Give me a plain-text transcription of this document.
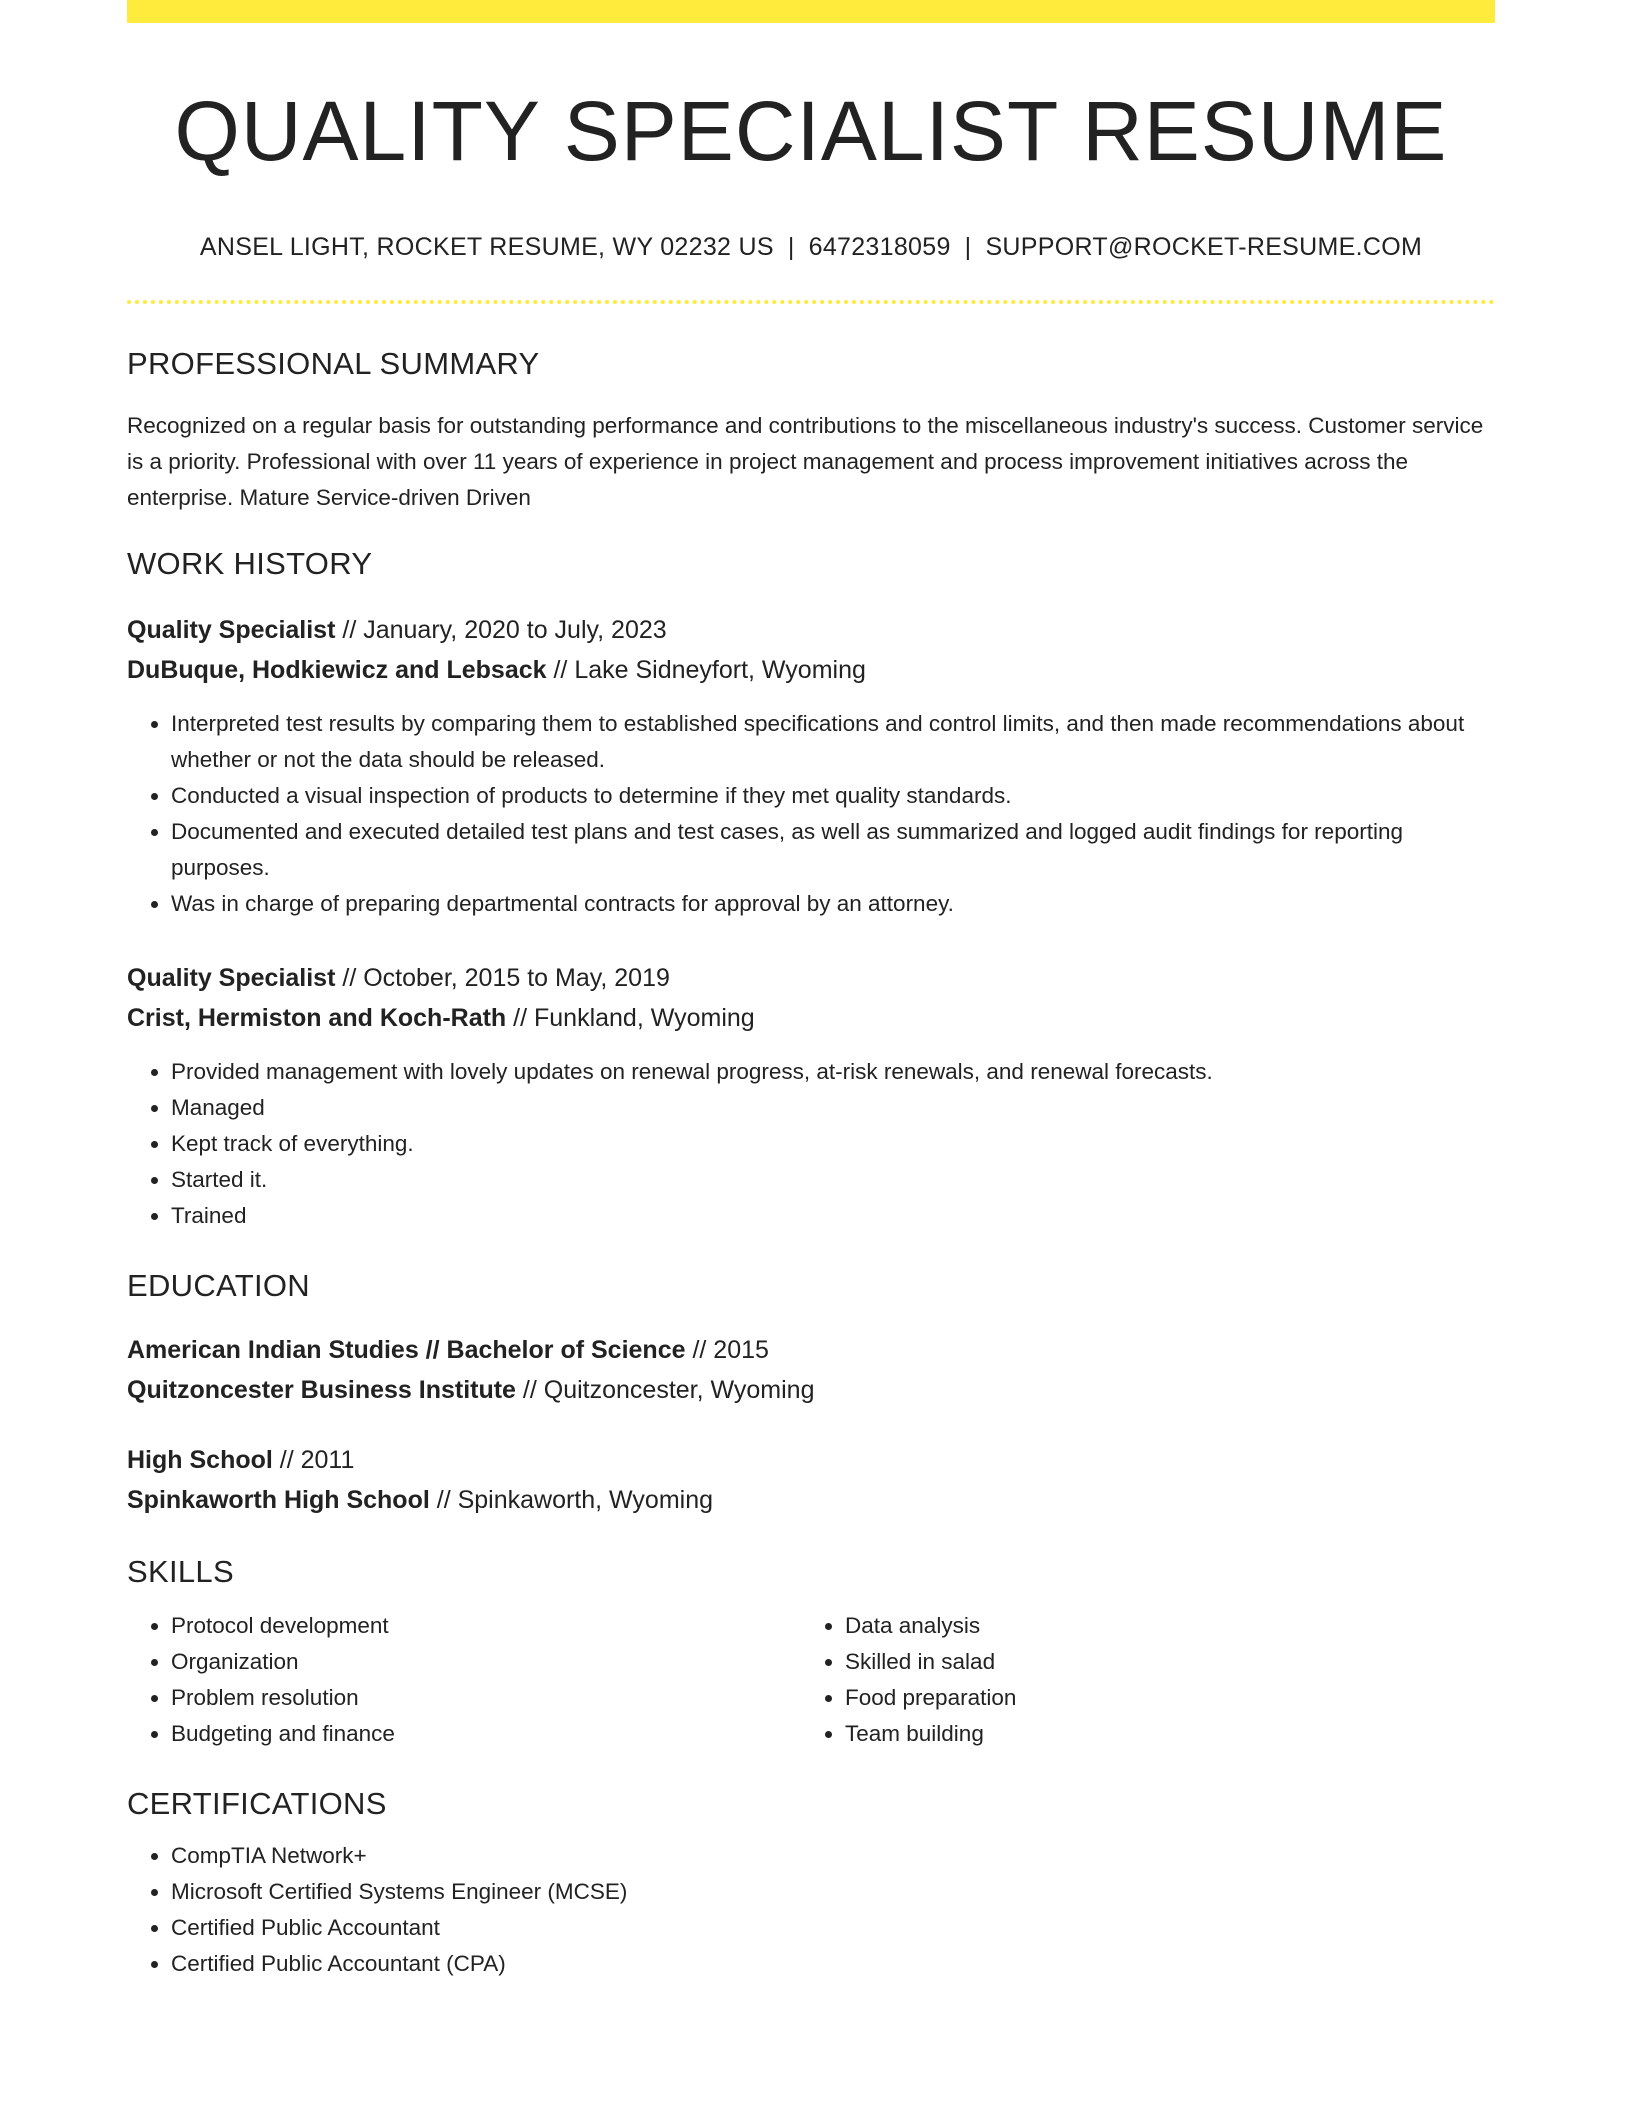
QUALITY SPECIALIST RESUME
ANSEL LIGHT, ROCKET RESUME, WY 02232 US | 6472318059 | SUPPORT@ROCKET-RESUME.COM
PROFESSIONAL SUMMARY
Recognized on a regular basis for outstanding performance and contributions to the miscellaneous industry's success. Customer service is a priority. Professional with over 11 years of experience in project management and process improvement initiatives across the enterprise. Mature Service-driven Driven
WORK HISTORY
Quality Specialist // January, 2020 to July, 2023
DuBuque, Hodkiewicz and Lebsack // Lake Sidneyfort, Wyoming
• Interpreted test results by comparing them to established specifications and control limits, and then made recommendations about whether or not the data should be released.
• Conducted a visual inspection of products to determine if they met quality standards.
• Documented and executed detailed test plans and test cases, as well as summarized and logged audit findings for reporting purposes.
• Was in charge of preparing departmental contracts for approval by an attorney.
Quality Specialist // October, 2015 to May, 2019
Crist, Hermiston and Koch-Rath // Funkland, Wyoming
• Provided management with lovely updates on renewal progress, at-risk renewals, and renewal forecasts.
• Managed
• Kept track of everything.
• Started it.
• Trained
EDUCATION
American Indian Studies // Bachelor of Science // 2015
Quitzoncester Business Institute // Quitzoncester, Wyoming
High School // 2011
Spinkaworth High School // Spinkaworth, Wyoming
SKILLS
• Protocol development
• Organization
• Problem resolution
• Budgeting and finance
• Data analysis
• Skilled in salad
• Food preparation
• Team building
CERTIFICATIONS
• CompTIA Network+
• Microsoft Certified Systems Engineer (MCSE)
• Certified Public Accountant
• Certified Public Accountant (CPA)
